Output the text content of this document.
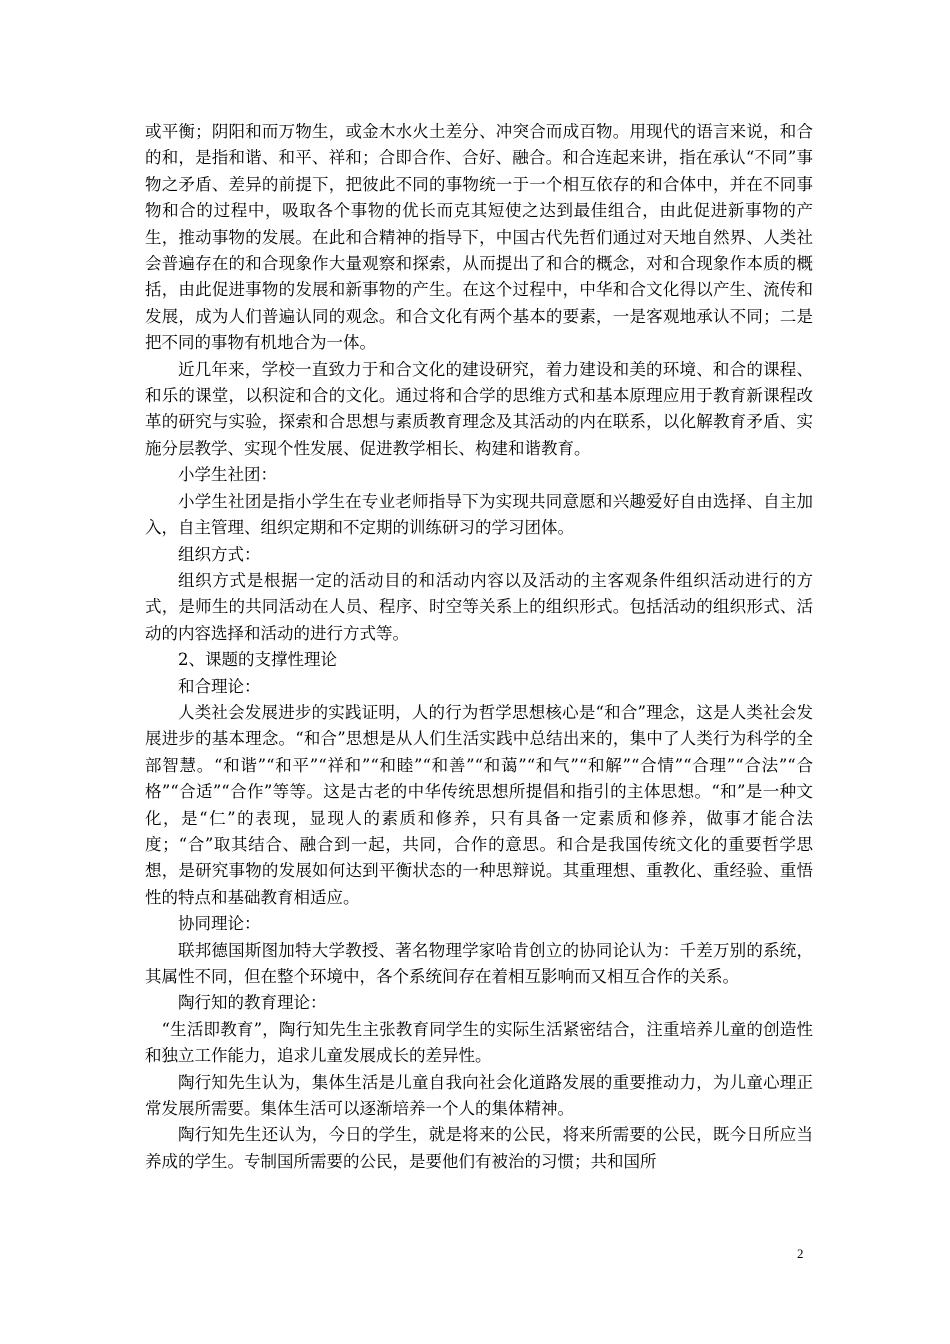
或平衡；阴阳和而万物生，或金木水火土差分、冲突合而成百物。用现代的语言来说，和合的和，是指和谐、和平、祥和；合即合作、合好、融合。和合连起来讲，指在承认“不同”事物之矛盾、差异的前提下，把彼此不同的事物统一于一个相互依存的和合体中，并在不同事物和合的过程中，吸取各个事物的优长而克其短使之达到最佳组合，由此促进新事物的产生，推动事物的发展。在此和合精神的指导下，中国古代先哲们通过对天地自然界、人类社会普遍存在的和合现象作大量观察和探索，从而提出了和合的概念，对和合现象作本质的概括，由此促进事物的发展和新事物的产生。在这个过程中，中华和合文化得以产生、流传和发展，成为人们普遍认同的观念。和合文化有两个基本的要素，一是客观地承认不同；二是把不同的事物有机地合为一体。

近几年来，学校一直致力于和合文化的建设研究，着力建设和美的环境、和合的课程、和乐的课堂，以积淀和合的文化。通过将和合学的思维方式和基本原理应用于教育新课程改革的研究与实验，探索和合思想与素质教育理念及其活动的内在联系，以化解教育矛盾、实施分层教学、实现个性发展、促进教学相长、构建和谐教育。

小学生社团：

小学生社团是指小学生在专业老师指导下为实现共同意愿和兴趣爱好自由选择、自主加入，自主管理、组织定期和不定期的训练研习的学习团体。

组织方式：

组织方式是根据一定的活动目的和活动内容以及活动的主客观条件组织活动进行的方式，是师生的共同活动在人员、程序、时空等关系上的组织形式。包括活动的组织形式、活动的内容选择和活动的进行方式等。

2、课题的支撑性理论

和合理论：

人类社会发展进步的实践证明，人的行为哲学思想核心是“和合”理念，这是人类社会发展进步的基本理念。“和合”思想是从人们生活实践中总结出来的，集中了人类行为科学的全部智慧。“和谐”“和平”“祥和”“和睦”“和善”“和蔼”“和气”“和解”“合情”“合理”“合法”“合格”“合适”“合作”等等。这是古老的中华传统思想所提倡和指引的主体思想。“和”是一种文化，是“仁”的表现，显现人的素质和修养，只有具备一定素质和修养，做事才能合法度；“合”取其结合、融合到一起，共同，合作的意思。和合是我国传统文化的重要哲学思想，是研究事物的发展如何达到平衡状态的一种思辩说。其重理想、重教化、重经验、重悟性的特点和基础教育相适应。

协同理论：

联邦德国斯图加特大学教授、著名物理学家哈肯创立的协同论认为：千差万别的系统，其属性不同，但在整个环境中，各个系统间存在着相互影响而又相互合作的关系。

陶行知的教育理论：

“生活即教育”，陶行知先生主张教育同学生的实际生活紧密结合，注重培养儿童的创造性和独立工作能力，追求儿童发展成长的差异性。

陶行知先生认为，集体生活是儿童自我向社会化道路发展的重要推动力，为儿童心理正常发展所需要。集体生活可以逐渐培养一个人的集体精神。

陶行知先生还认为，今日的学生，就是将来的公民，将来所需要的公民，既今日所应当养成的学生。专制国所需要的公民，是要他们有被治的习惯；共和国所

2
